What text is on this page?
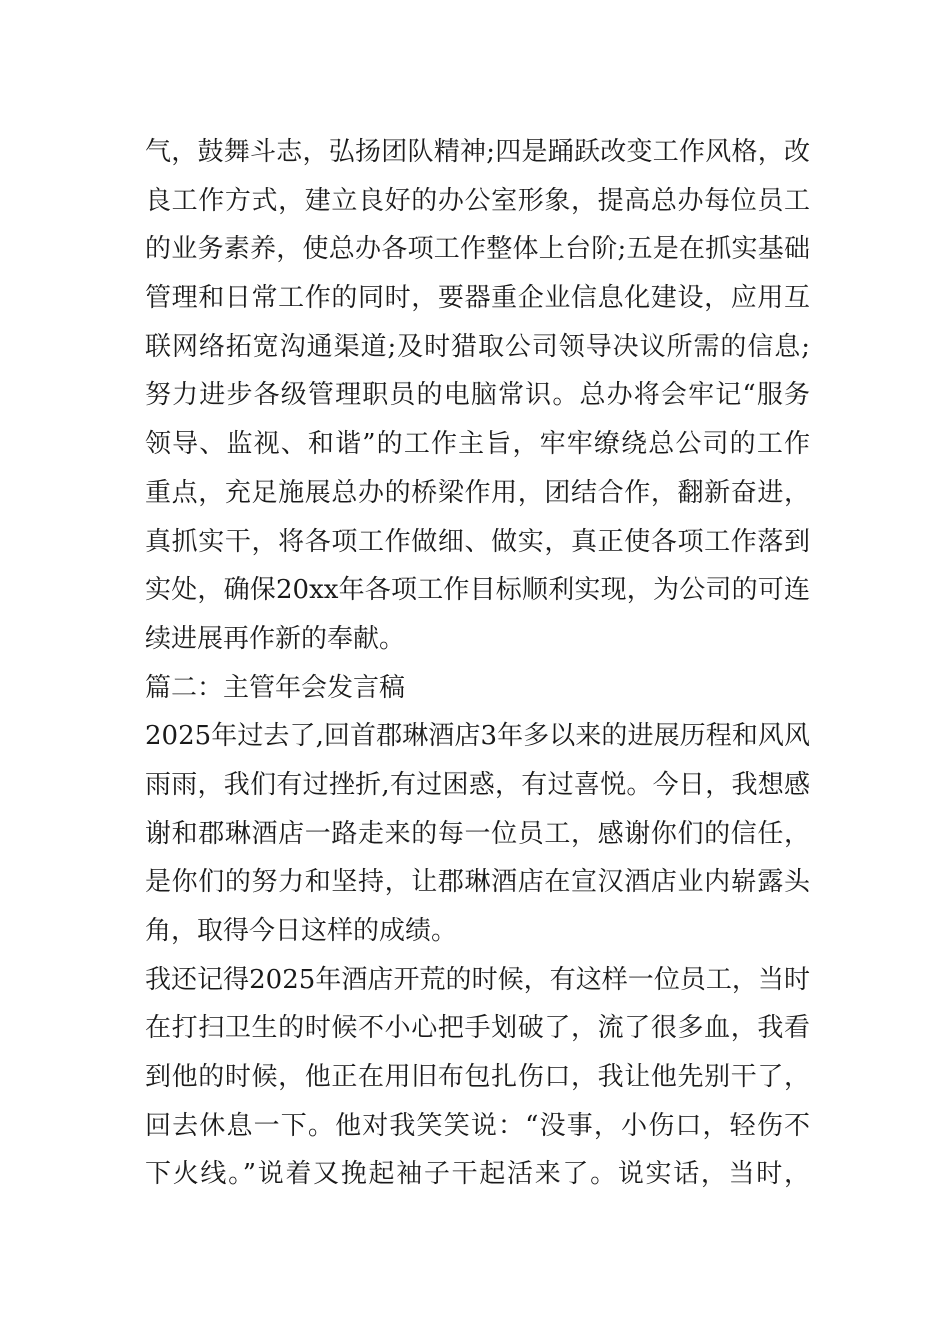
气，鼓舞斗志，弘扬团队精神;四是踊跃改变工作风格，改
良工作方式，建立良好的办公室形象，提高总办每位员工
的业务素养，使总办各项工作整体上台阶;五是在抓实基础
管理和日常工作的同时，要器重企业信息化建设，应用互
联网络拓宽沟通渠道;及时猎取公司领导决议所需的信息;
努力进步各级管理职员的电脑常识。总办将会牢记“服务
领导、监视、和谐”的工作主旨，牢牢缭绕总公司的工作
重点，充足施展总办的桥梁作用，团结合作，翻新奋进，
真抓实干，将各项工作做细、做实，真正使各项工作落到
实处，确保20xx年各项工作目标顺利实现，为公司的可连
续进展再作新的奉献。
篇二：主管年会发言稿
2025年过去了,回首郡琳酒店3年多以来的进展历程和风风
雨雨，我们有过挫折,有过困惑，有过喜悦。今日，我想感
谢和郡琳酒店一路走来的每一位员工，感谢你们的信任，
是你们的努力和坚持，让郡琳酒店在宣汉酒店业内崭露头
角，取得今日这样的成绩。
我还记得2025年酒店开荒的时候，有这样一位员工，当时
在打扫卫生的时候不小心把手划破了，流了很多血，我看
到他的时候，他正在用旧布包扎伤口，我让他先别干了，
回去休息一下。他对我笑笑说：“没事，小伤口，轻伤不
下火线。”说着又挽起袖子干起活来了。说实话，当时，
